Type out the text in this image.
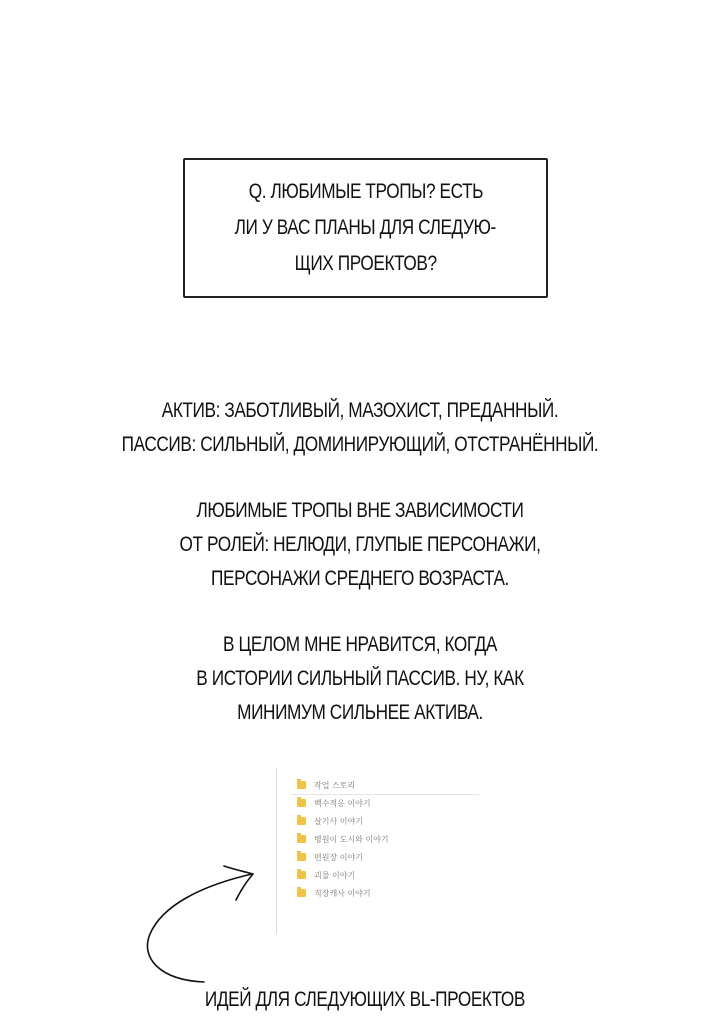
Q. ЛЮБИМЫЕ ТРОПЫ? ЕСТЬ
ЛИ У ВАС ПЛАНЫ ДЛЯ СЛЕДУЮ-
ЩИХ ПРОЕКТОВ?
АКТИВ: ЗАБОТЛИВЫЙ, МАЗОХИСТ, ПРЕДАННЫЙ.
ПАССИВ: СИЛЬНЫЙ, ДОМИНИРУЮЩИЙ, ОТСТРАНЁННЫЙ.
ЛЮБИМЫЕ ТРОПЫ ВНЕ ЗАВИСИМОСТИ
ОТ РОЛЕЙ: НЕЛЮДИ, ГЛУПЫЕ ПЕРСОНАЖИ,
ПЕРСОНАЖИ СРЕДНЕГО ВОЗРАСТА.
В ЦЕЛОМ МНЕ НРАВИТСЯ, КОГДА
В ИСТОРИИ СИЛЬНЫЙ ПАССИВ. НУ, КАК
МИНИМУМ СИЛЬНЕЕ АКТИВА.
작업 스토리
백수적응 이야기
살기사 이야기
병원이 도시와 이야기
편원장 이야기
괴물 이야기
직장캐사 이야기
ИДЕЙ ДЛЯ СЛЕДУЮЩИХ BL-ПРОЕКТОВ
